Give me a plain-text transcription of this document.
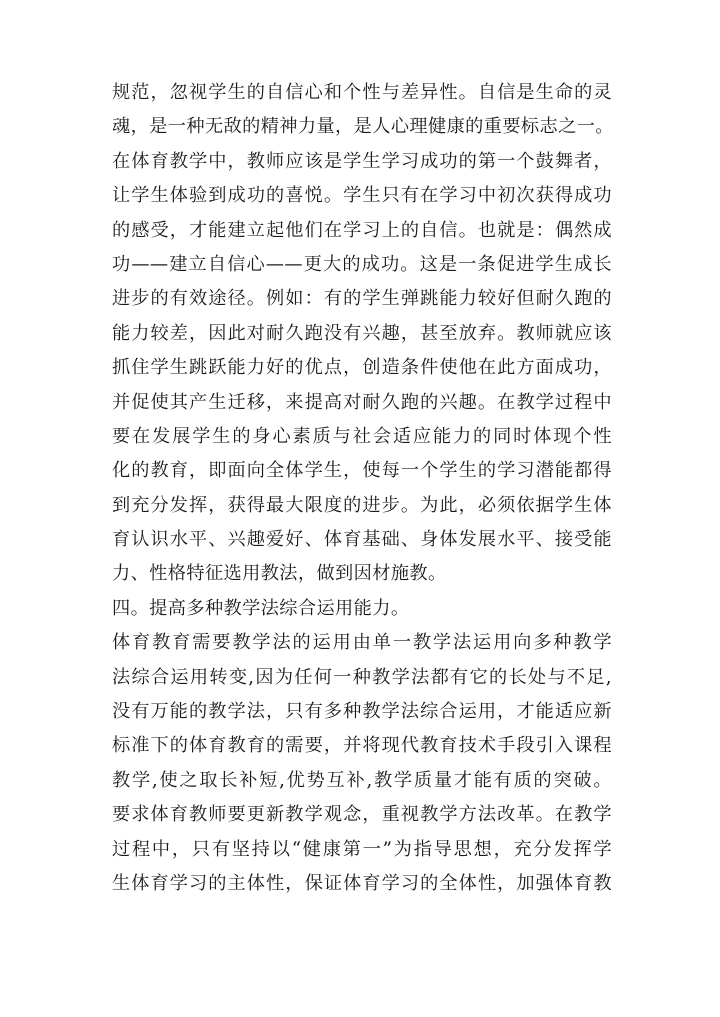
规范，忽视学生的自信心和个性与差异性。自信是生命的灵
魂，是一种无敌的精神力量，是人心理健康的重要标志之一。
在体育教学中，教师应该是学生学习成功的第一个鼓舞者，
让学生体验到成功的喜悦。学生只有在学习中初次获得成功
的感受，才能建立起他们在学习上的自信。也就是：偶然成
功——建立自信心——更大的成功。这是一条促进学生成长
进步的有效途径。例如：有的学生弹跳能力较好但耐久跑的
能力较差，因此对耐久跑没有兴趣，甚至放弃。教师就应该
抓住学生跳跃能力好的优点，创造条件使他在此方面成功，
并促使其产生迁移，来提高对耐久跑的兴趣。在教学过程中
要在发展学生的身心素质与社会适应能力的同时体现个性
化的教育，即面向全体学生，使每一个学生的学习潜能都得
到充分发挥，获得最大限度的进步。为此，必须依据学生体
育认识水平、兴趣爱好、体育基础、身体发展水平、接受能
力、性格特征选用教法，做到因材施教。
四。提高多种教学法综合运用能力。
体育教育需要教学法的运用由单一教学法运用向多种教学
法综合运用转变,因为任何一种教学法都有它的长处与不足,
没有万能的教学法，只有多种教学法综合运用，才能适应新
标准下的体育教育的需要，并将现代教育技术手段引入课程
教学,使之取长补短,优势互补,教学质量才能有质的突破。
要求体育教师要更新教学观念，重视教学方法改革。在教学
过程中，只有坚持以“健康第一”为指导思想，充分发挥学
生体育学习的主体性，保证体育学习的全体性，加强体育教
